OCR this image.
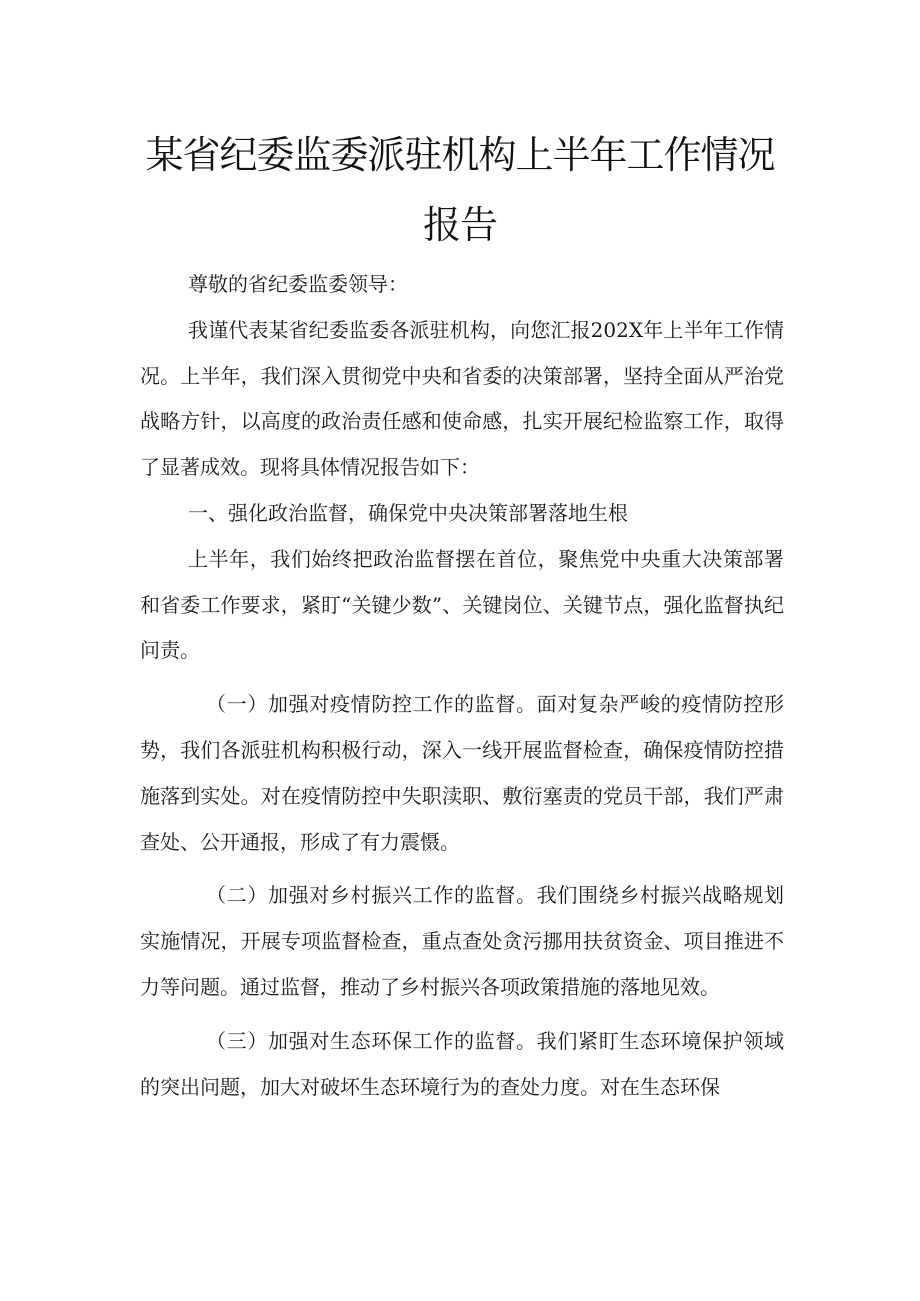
某省纪委监委派驻机构上半年工作情况
报告

尊敬的省纪委监委领导：

我谨代表某省纪委监委各派驻机构，向您汇报202X年上半年工作情况。上半年，我们深入贯彻党中央和省委的决策部署，坚持全面从严治党战略方针，以高度的政治责任感和使命感，扎实开展纪检监察工作，取得了显著成效。现将具体情况报告如下：

一、强化政治监督，确保党中央决策部署落地生根

上半年，我们始终把政治监督摆在首位，聚焦党中央重大决策部署和省委工作要求，紧盯“关键少数”、关键岗位、关键节点，强化监督执纪问责。

（一）加强对疫情防控工作的监督。面对复杂严峻的疫情防控形势，我们各派驻机构积极行动，深入一线开展监督检查，确保疫情防控措施落到实处。对在疫情防控中失职渎职、敷衍塞责的党员干部，我们严肃查处、公开通报，形成了有力震慑。

（二）加强对乡村振兴工作的监督。我们围绕乡村振兴战略规划实施情况，开展专项监督检查，重点查处贪污挪用扶贫资金、项目推进不力等问题。通过监督，推动了乡村振兴各项政策措施的落地见效。

（三）加强对生态环保工作的监督。我们紧盯生态环境保护领域的突出问题，加大对破坏生态环境行为的查处力度。对在生态环保
